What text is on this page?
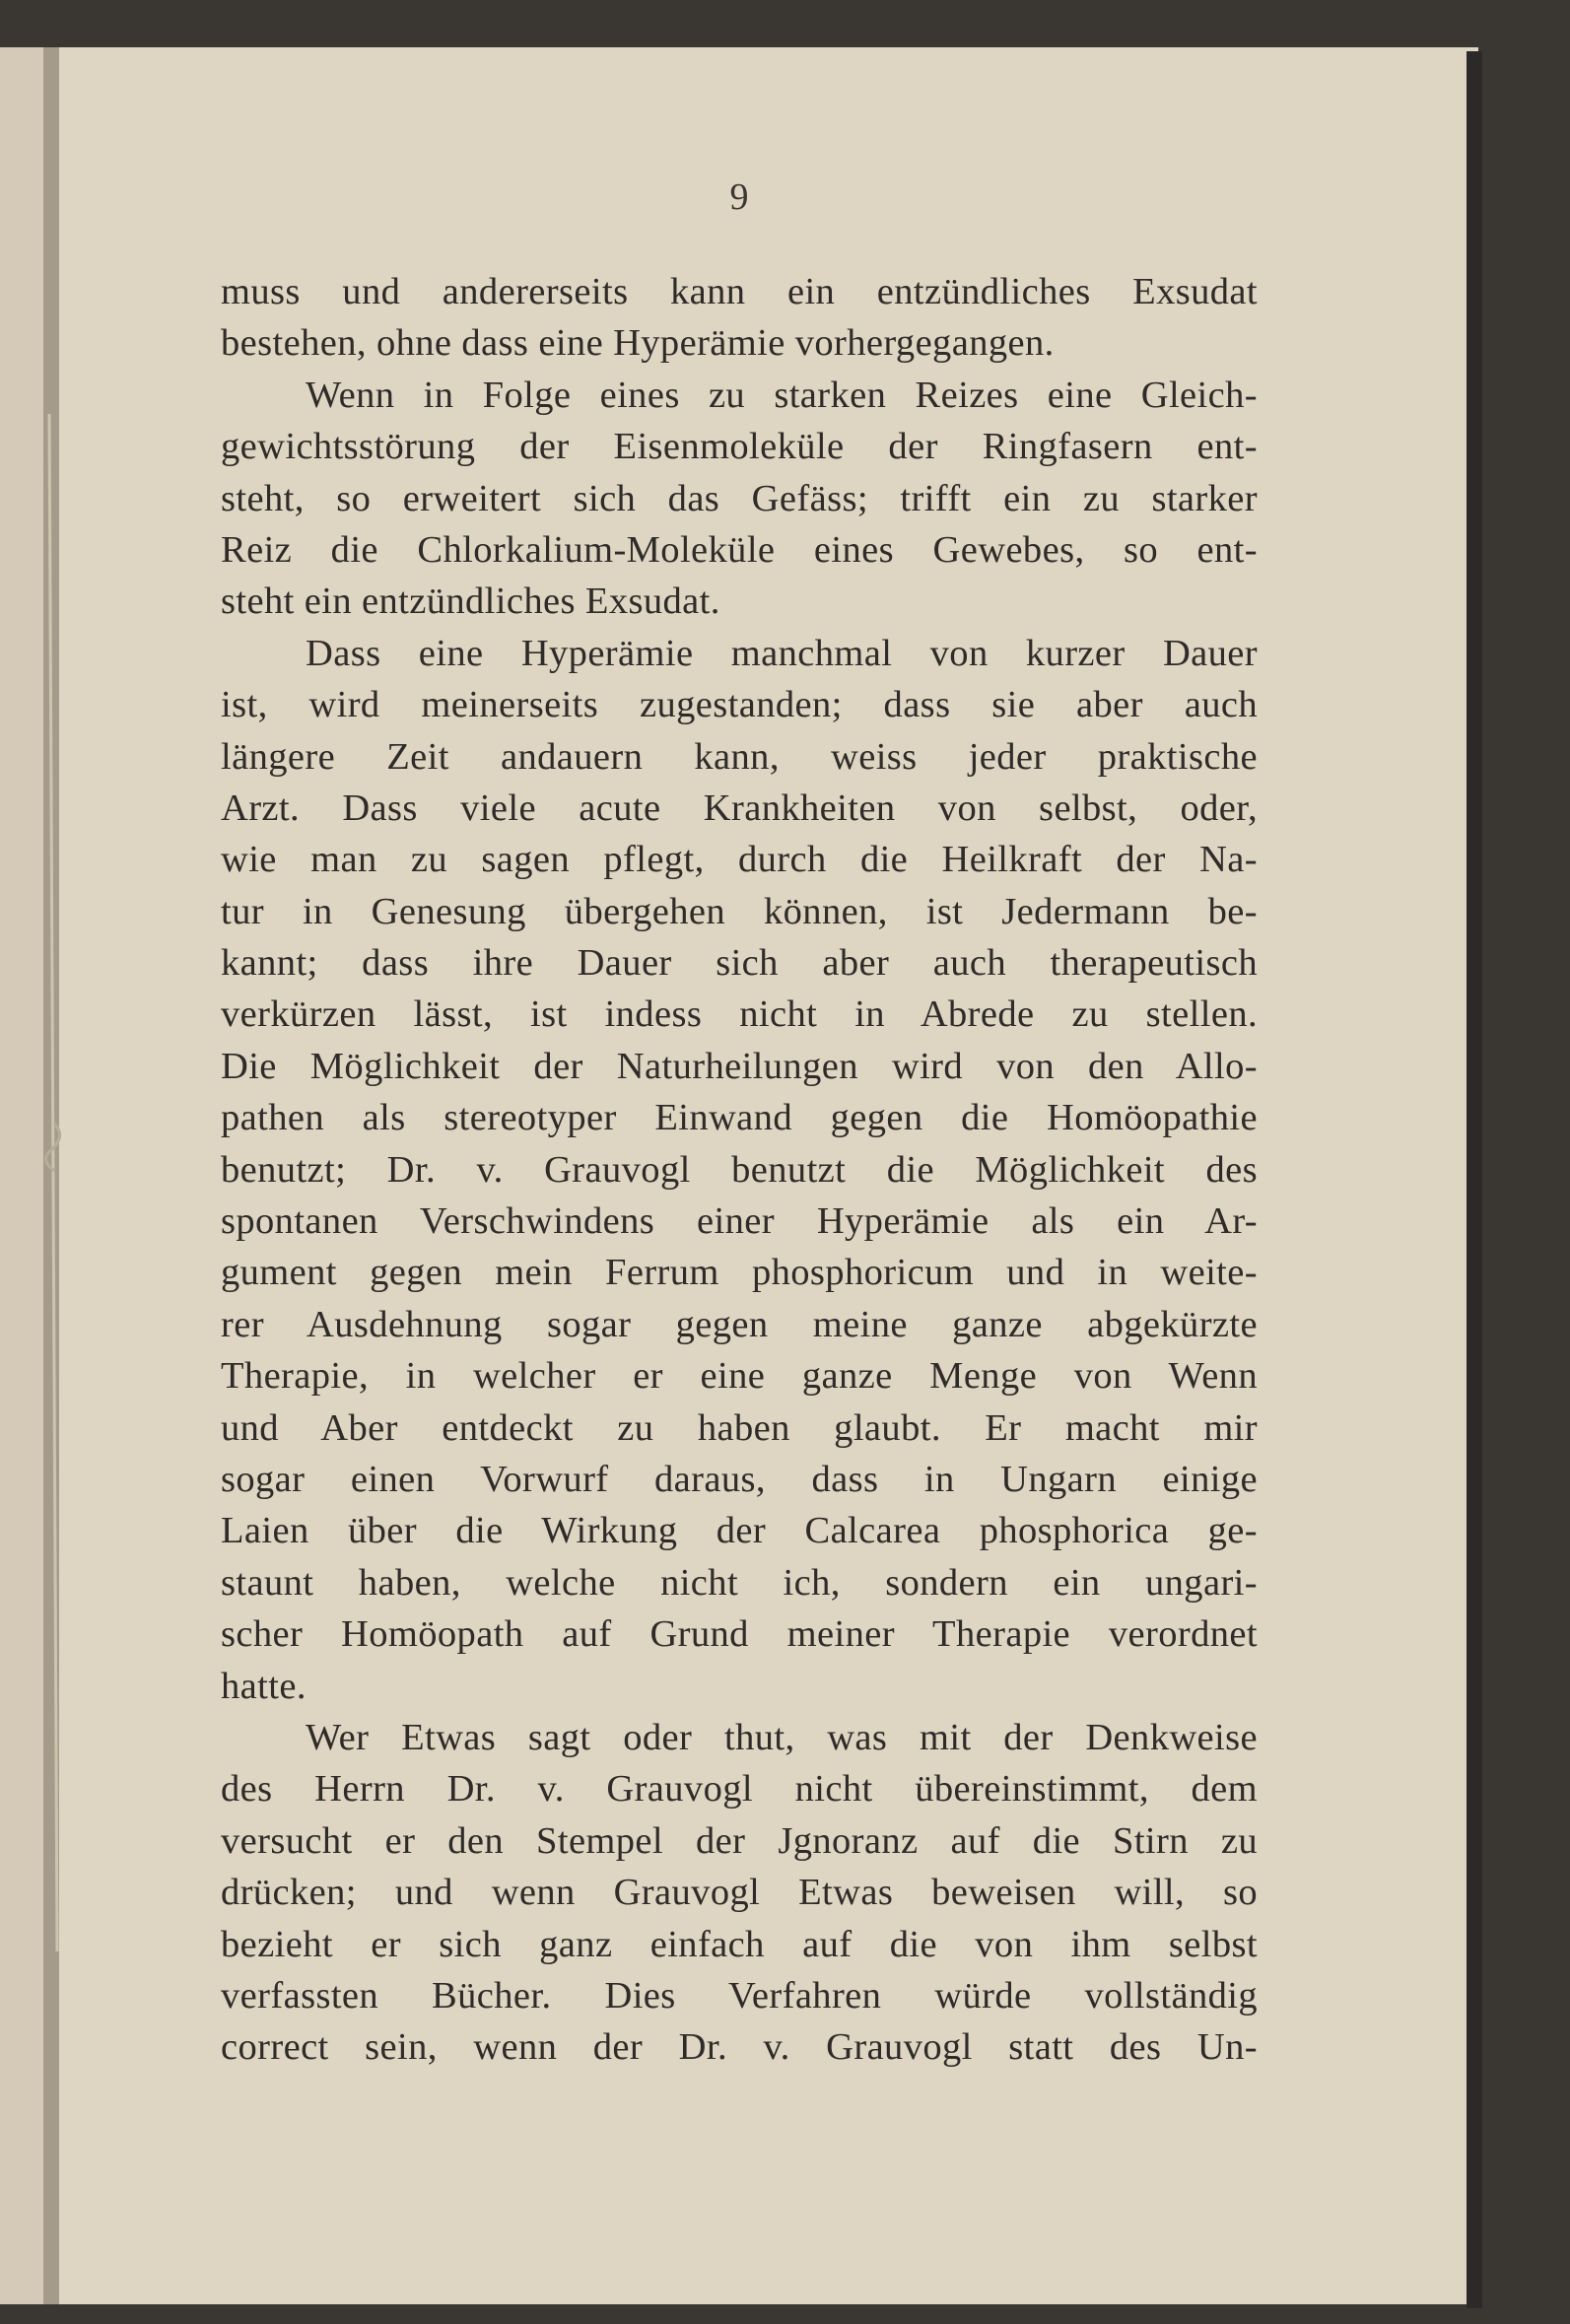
9
muss und andererseits kann ein entzündliches Exsudat
bestehen, ohne dass eine Hyperämie vorhergegangen.
Wenn in Folge eines zu starken Reizes eine Gleich-
gewichtsstörung der Eisenmoleküle der Ringfasern ent-
steht, so erweitert sich das Gefäss; trifft ein zu starker
Reiz die Chlorkalium-Moleküle eines Gewebes, so ent-
steht ein entzündliches Exsudat.
Dass eine Hyperämie manchmal von kurzer Dauer
ist, wird meinerseits zugestanden; dass sie aber auch
längere Zeit andauern kann, weiss jeder praktische
Arzt. Dass viele acute Krankheiten von selbst, oder,
wie man zu sagen pflegt, durch die Heilkraft der Na-
tur in Genesung übergehen können, ist Jedermann be-
kannt; dass ihre Dauer sich aber auch therapeutisch
verkürzen lässt, ist indess nicht in Abrede zu stellen.
Die Möglichkeit der Naturheilungen wird von den Allo-
pathen als stereotyper Einwand gegen die Homöopathie
benutzt; Dr. v. Grauvogl benutzt die Möglichkeit des
spontanen Verschwindens einer Hyperämie als ein Ar-
gument gegen mein Ferrum phosphoricum und in weite-
rer Ausdehnung sogar gegen meine ganze abgekürzte
Therapie, in welcher er eine ganze Menge von Wenn
und Aber entdeckt zu haben glaubt. Er macht mir
sogar einen Vorwurf daraus, dass in Ungarn einige
Laien über die Wirkung der Calcarea phosphorica ge-
staunt haben, welche nicht ich, sondern ein ungari-
scher Homöopath auf Grund meiner Therapie verordnet
hatte.
Wer Etwas sagt oder thut, was mit der Denkweise
des Herrn Dr. v. Grauvogl nicht übereinstimmt, dem
versucht er den Stempel der Jgnoranz auf die Stirn zu
drücken; und wenn Grauvogl Etwas beweisen will, so
bezieht er sich ganz einfach auf die von ihm selbst
verfassten Bücher. Dies Verfahren würde vollständig
correct sein, wenn der Dr. v. Grauvogl statt des Un-
